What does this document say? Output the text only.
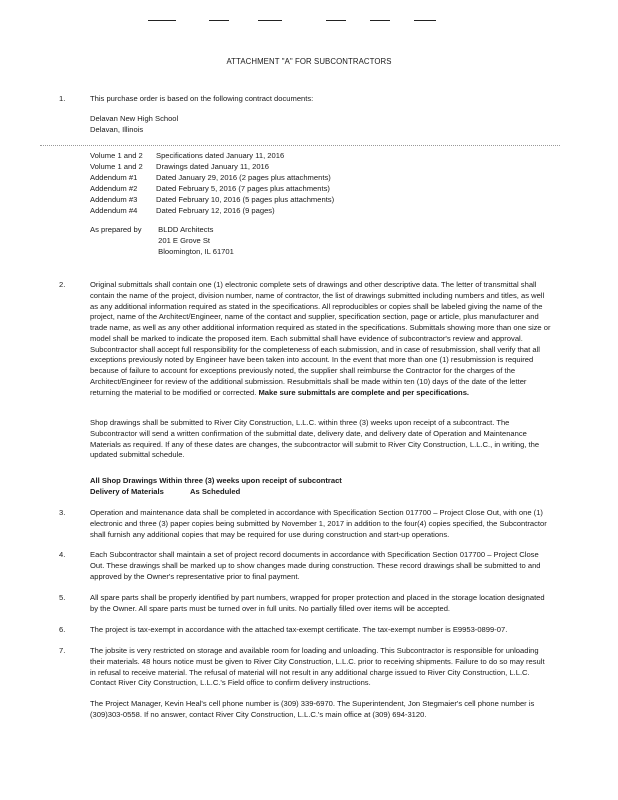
ATTACHMENT "A" FOR SUBCONTRACTORS
1.	This purchase order is based on the following contract documents:
Delavan New High School
Delavan, Illinois
Volume 1 and 2 Specifications dated January 11, 2016
Volume 1 and 2 Drawings dated January 11, 2016
Addendum #1 Dated January 29, 2016 (2 pages plus attachments)
Addendum #2 Dated February 5, 2016 (7 pages plus attachments)
Addendum #3 Dated February 10, 2016 (5 pages plus attachments)
Addendum #4 Dated February 12, 2016 (9 pages)
As prepared by BLDD Architects
201 E Grove St
Bloomington, IL 61701
2.	Original submittals shall contain one (1) electronic complete sets of drawings and other descriptive data. The letter of transmittal shall contain the name of the project, division number, name of contractor, the list of drawings submitted including numbers and titles, as well as any additional information required as stated in the specifications. All reproducibles or copies shall be labeled giving the name of the project, name of the Architect/Engineer, name of the contact and supplier, specification section, page or article, plus manufacturer and trade name, as well as any other additional information required as stated in the specifications. Submittals showing more than one size or model shall be marked to indicate the proposed item. Each submittal shall have evidence of subcontractor's review and approval. Subcontractor shall accept full responsibility for the completeness of each submission, and in case of resubmission, shall verify that all exceptions previously noted by Engineer have been taken into account. In the event that more than one (1) resubmission is required because of failure to account for exceptions previously noted, the supplier shall reimburse the Contractor for the charges of the Architect/Engineer for review of the additional submission. Resubmittals shall be made within ten (10) days of the date of the letter returning the material to be modified or corrected. Make sure submittals are complete and per specifications.
Shop drawings shall be submitted to River City Construction, L.L.C. within three (3) weeks upon receipt of a subcontract. The Subcontractor will send a written confirmation of the submittal date, delivery date, and delivery date of Operation and Maintenance Materials as required. If any of these dates are changes, the subcontractor will submit to River City Construction, L.L.C., in writing, the updated submittal schedule.
All Shop Drawings Within three (3) weeks upon receipt of subcontract
Delivery of Materials	As Scheduled
3.	Operation and maintenance data shall be completed in accordance with Specification Section 017700 – Project Close Out, with one (1) electronic and three (3) paper copies being submitted by November 1, 2017 in addition to the four(4) copies specified, the Subcontractor shall furnish any additional copies that may be required for use during construction and start-up operations.
4.	Each Subcontractor shall maintain a set of project record documents in accordance with Specification Section 017700 – Project Close Out. These drawings shall be marked up to show changes made during construction. These record drawings shall be submitted to and approved by the Owner's representative prior to final payment.
5.	All spare parts shall be properly identified by part numbers, wrapped for proper protection and placed in the storage location designated by the Owner. All spare parts must be turned over in full units. No partially filled over items will be accepted.
6.	The project is tax-exempt in accordance with the attached tax-exempt certificate. The tax-exempt number is E9953-0899-07.
7.	The jobsite is very restricted on storage and available room for loading and unloading. This Subcontractor is responsible for unloading their materials. 48 hours notice must be given to River City Construction, L.L.C. prior to receiving shipments. Failure to do so may result in refusal to receive material. The refusal of material will not result in any additional charge issued to River City Construction, L.L.C. Contact River City Construction, L.L.C.'s Field office to confirm delivery instructions.
The Project Manager, Kevin Heal's cell phone number is (309) 339-6970. The Superintendent, Jon Stegmaier's cell phone number is (309)303-0558. If no answer, contact River City Construction, L.L.C.'s main office at (309) 694-3120.
